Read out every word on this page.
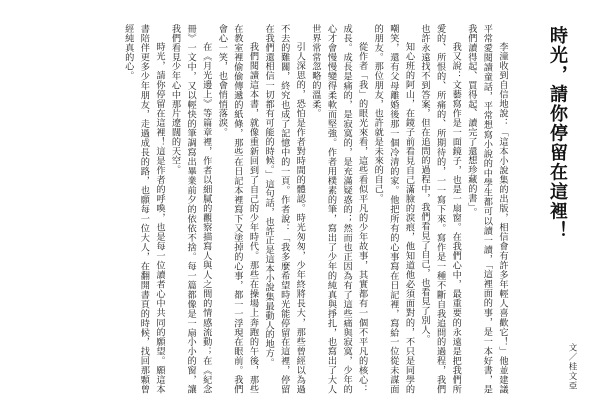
時光，請你停留在這裡！

李潼收到自信地說：「這本小說集的出版，相信會有許多年輕人喜歡它！」他並建議平常愛閱讀童話，平常想寫小說的中學生都可以讀一讀，「這裡面的事，是一本好書，是我們讀得起、買得起、讀完了還想珍藏的書」。

我又說：文藝寫作是一面鏡子，也是一扇窗。在我們心中，最重要的永遠是把我們所愛的、所恨的、所痛的、所期待的，一一寫下來。寫作是一種不斷自我追問的過程，我們也許永遠找不到答案，但在追問的過程中，我們看見了自己，也看見了別人。

知心班的阿山，在鏡子前看見自己滿臉的淚痕，他知道他必須面對的，不只是同學的嘲笑，還有父母離婚後那一個冷清的家。他把所有的心事寫在日記裡，寫給一位從未謀面的朋友。那位朋友，也許就是未來的自己。

從作者「我」的眼光來看，這些看似平凡的少年故事，其實都有一個不平凡的核心：成長。成長是痛的，是寂寞的，是充滿疑惑的；然而也正因為有了這些痛與寂寞，少年的心才會慢慢變得柔軟而堅強。作者用樸素的筆，寫出了少年的純真與掙扎，也寫出了大人世界常常忽略的溫柔。

引人深思的，恐怕是作者對時間的體認。時光匆匆，少年終將長大，那些曾經以為過不去的難關，終究也成了記憶中的一頁。作者說：「我多麼希望時光能停留在這裡，停留在我們還相信一切都有可能的時候。」這句話，也許正是這本小說集最動人的地方。

我們閱讀這本書，就像重新回到了自己的少年時代。那些在操場上奔跑的午後，那些在教室裡偷偷傳遞的紙條，那些在日記本裡寫下又塗掉的心事，都一一浮現在眼前。我們會心一笑，也會悄悄落淚。

在《月光邊上》等篇章裡，作者以細膩的觀察描寫人與人之間的情感流動；在《紀念冊》一文中，又以輕快的筆調寫出畢業前夕的依依不捨。每一篇都像是一扇小小的窗，讓我們看見少年心中那片遼闊的天空。

時光，請你停留在這裡！這是作者的呼喚，也是每一位讀者心中共同的願望。願這本書陪伴更多少年朋友，走過成長的路，也願每一位大人，在翻開書頁的時候，找回那顆曾經純真的心。

文／桂文亞
